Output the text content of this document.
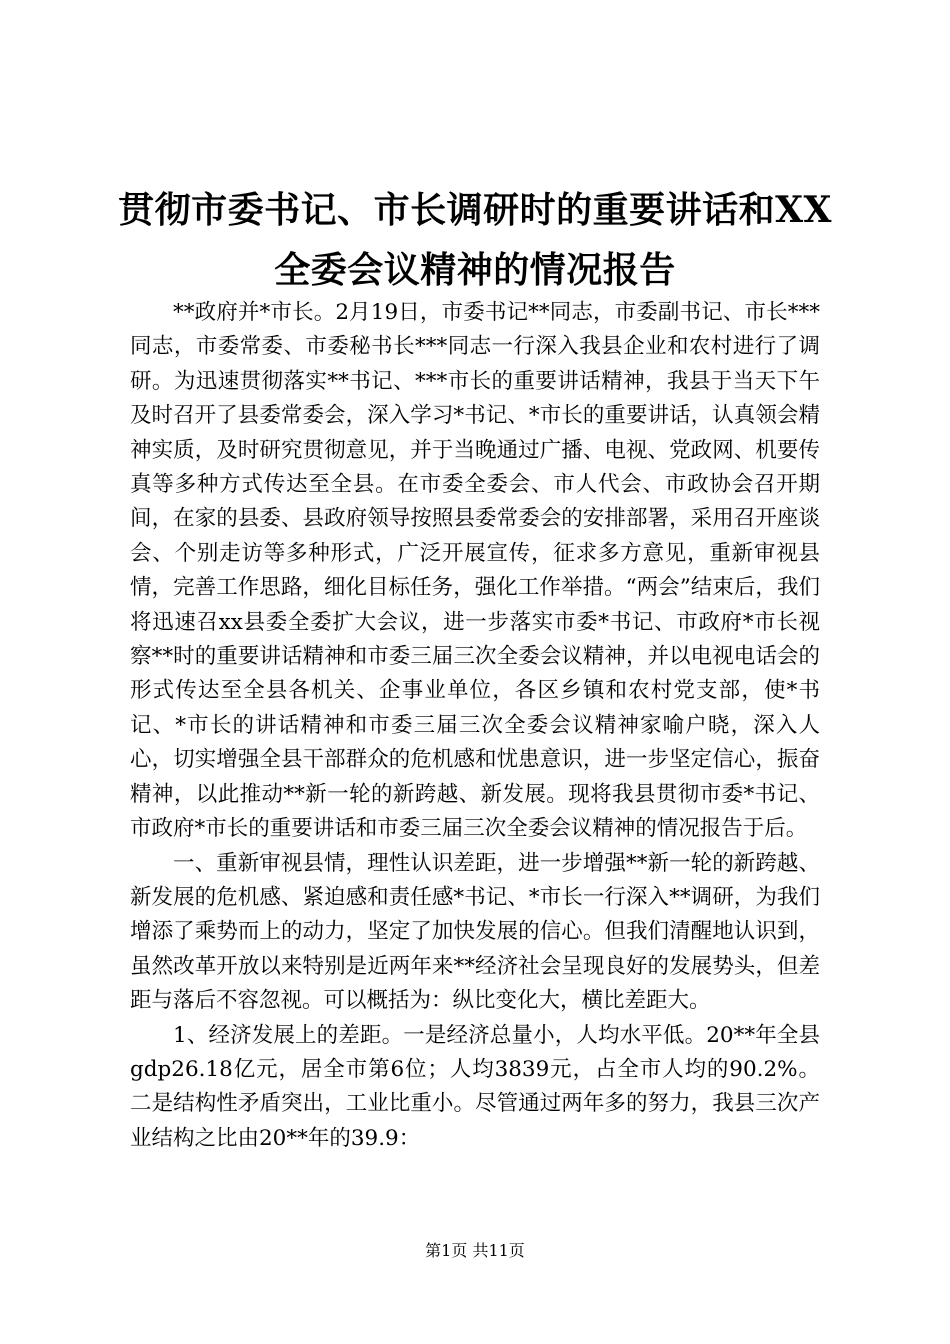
贯彻市委书记、市长调研时的重要讲话和XX
全委会议精神的情况报告

**政府并*市长。2月19日，市委书记**同志，市委副书记、市长***同志，市委常委、市委秘书长***同志一行深入我县企业和农村进行了调研。为迅速贯彻落实**书记、***市长的重要讲话精神，我县于当天下午及时召开了县委常委会，深入学习*书记、*市长的重要讲话，认真领会精神实质，及时研究贯彻意见，并于当晚通过广播、电视、党政网、机要传真等多种方式传达至全县。在市委全委会、市人代会、市政协会召开期间，在家的县委、县政府领导按照县委常委会的安排部署，采用召开座谈会、个别走访等多种形式，广泛开展宣传，征求多方意见，重新审视县情，完善工作思路，细化目标任务，强化工作举措。“两会”结束后，我们将迅速召xx县委全委扩大会议，进一步落实市委*书记、市政府*市长视察**时的重要讲话精神和市委三届三次全委会议精神，并以电视电话会的形式传达至全县各机关、企事业单位，各区乡镇和农村党支部，使*书记、*市长的讲话精神和市委三届三次全委会议精神家喻户晓，深入人心，切实增强全县干部群众的危机感和忧患意识，进一步坚定信心，振奋精神，以此推动**新一轮的新跨越、新发展。现将我县贯彻市委*书记、市政府*市长的重要讲话和市委三届三次全委会议精神的情况报告于后。

一、重新审视县情，理性认识差距，进一步增强**新一轮的新跨越、新发展的危机感、紧迫感和责任感*书记、*市长一行深入**调研，为我们增添了乘势而上的动力，坚定了加快发展的信心。但我们清醒地认识到，虽然改革开放以来特别是近两年来**经济社会呈现良好的发展势头，但差距与落后不容忽视。可以概括为：纵比变化大，横比差距大。

1、经济发展上的差距。一是经济总量小，人均水平低。20**年全县gdp26.18亿元，居全市第6位；人均3839元，占全市人均的90.2%。二是结构性矛盾突出，工业比重小。尽管通过两年多的努力，我县三次产业结构之比由20**年的39.9：

第1页 共11页
